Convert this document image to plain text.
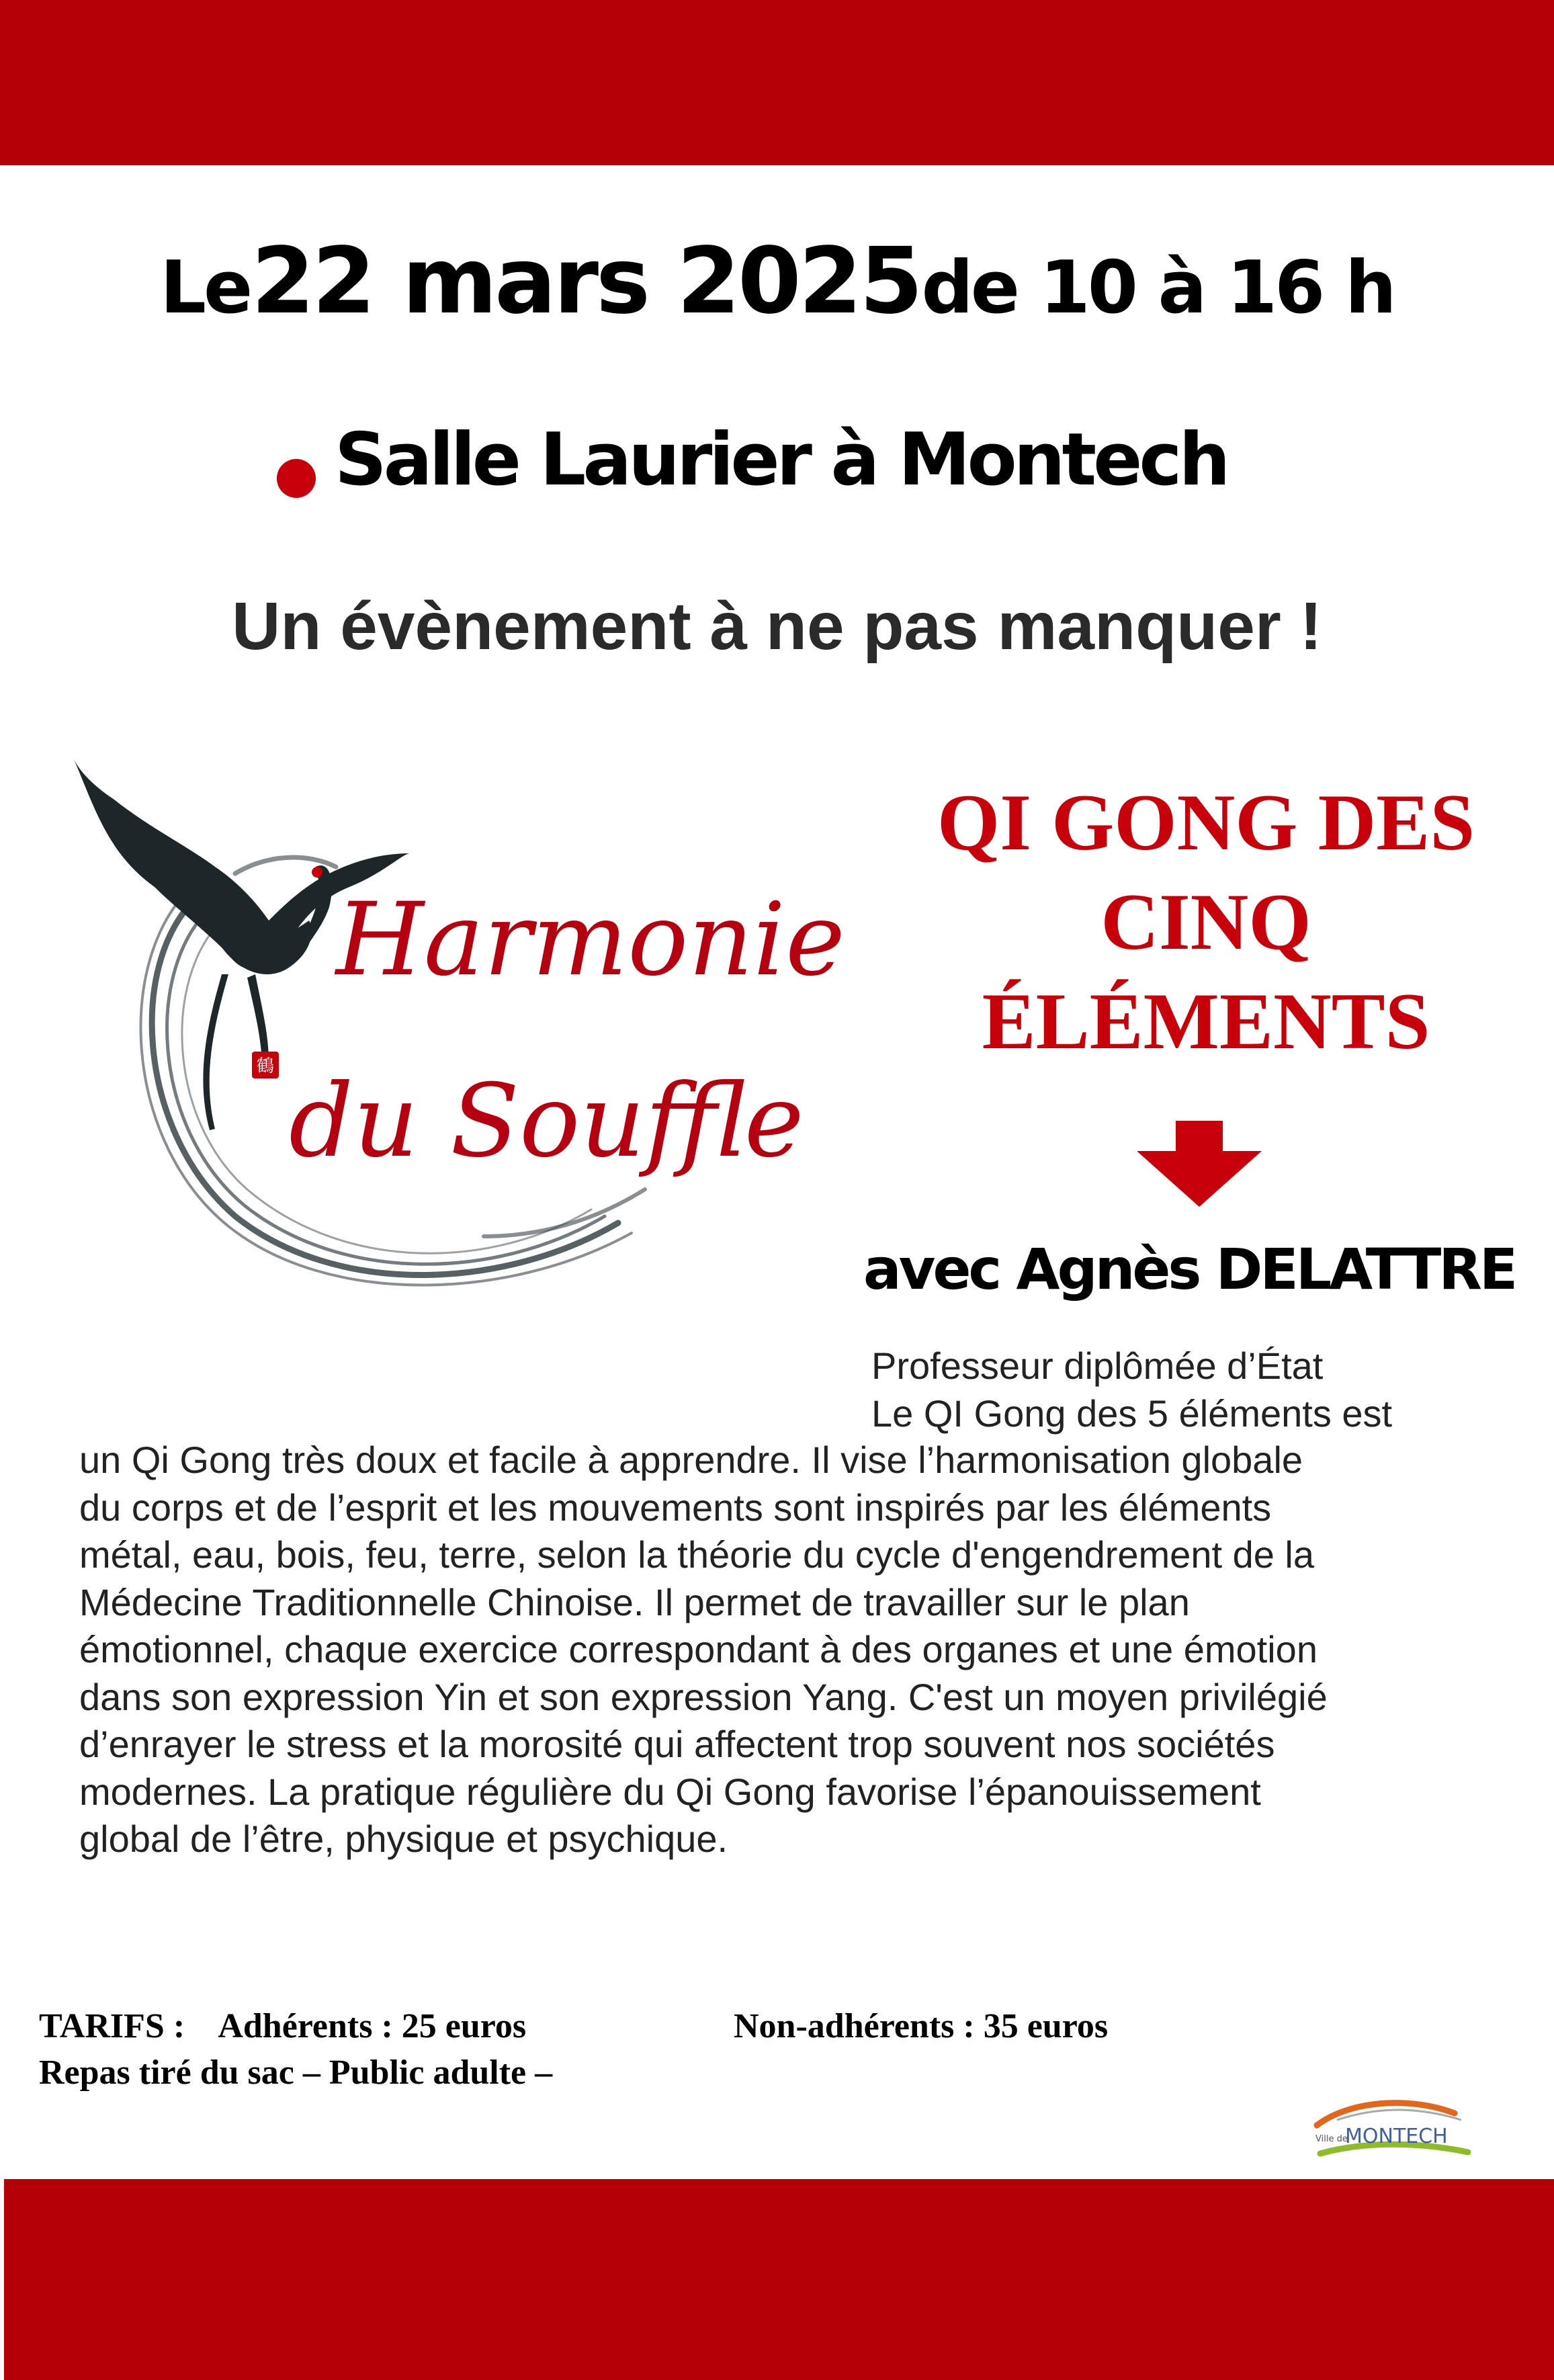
Le 22 mars 2025 de 10 à 16 h
Salle Laurier à Montech
Un évènement à ne pas manquer !
鶴
Harmonie
du Souffle
QI GONG DES
CINQ
ÉLÉMENTS
avec Agnès DELATTRE
Professeur diplômée d’État
Le QI Gong des 5 éléments est
un Qi Gong très doux et facile à apprendre. Il vise l’harmonisation globale
du corps et de l’esprit et les mouvements sont inspirés par les éléments
métal, eau, bois, feu, terre, selon la théorie du cycle d'engendrement de la
Médecine Traditionnelle Chinoise. Il permet de travailler sur le plan
émotionnel, chaque exercice correspondant à des organes et une émotion
dans son expression Yin et son expression Yang. C'est un moyen privilégié
d’enrayer le stress et la morosité qui affectent trop souvent nos sociétés
modernes. La pratique régulière du Qi Gong favorise l’épanouissement
global de l’être, physique et psychique.
TARIFS : Adhérents : 25 euros	Non-adhérents : 35 euros
Repas tiré du sac – Public adulte –
Ville de
MONTECH
